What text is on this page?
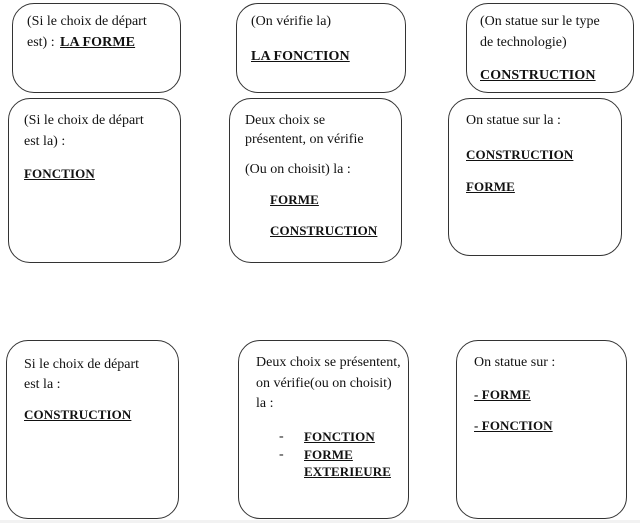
(Si le choix de départ
est) : LA FORME
(On vérifie la)
LA FONCTION
(On statue sur le type
de technologie)
CONSTRUCTION
(Si le choix de départ
est la) :
FONCTION
Deux choix se
présentent, on vérifie
(Ou on choisit) la :
FORME
CONSTRUCTION
On statue sur la :
CONSTRUCTION
FORME
Si le choix de départ
est la :
CONSTRUCTION
Deux choix se présentent,
on vérifie(ou on choisit)
la :
- FONCTION
- FORME
EXTERIEURE
On statue sur :
- FORME
- FONCTION
